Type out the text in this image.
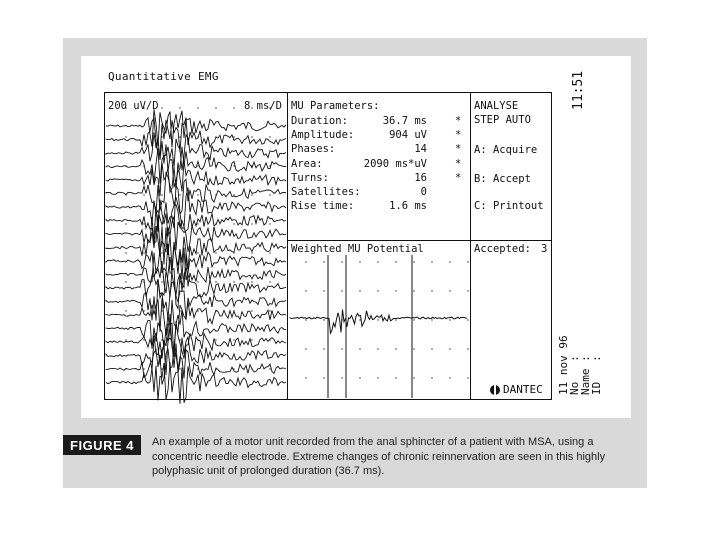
Quantitative EMG	11:51
200 uV/D	8 ms/D MU Parameters:
Duration:	36.7 ms	*
Amplitude:	904 uV	*
Phases:	14	*
Area:	2090 ms*uV	*
Turns:	16	*
Satellites:	0
Rise time:	1.6 ms
ANALYSE
STEP AUTO
A: Acquire
B: Accept
C: Printout
Weighted MU Potential	Accepted: 3
11 nov 96
No   :
Name :
ID   :
DANTEC
FIGURE 4	An example of a motor unit recorded from the anal sphincter of a patient with MSA, using a concentric needle electrode. Extreme changes of chronic reinnervation are seen in this highly polyphasic unit of prolonged duration (36.7 ms).
